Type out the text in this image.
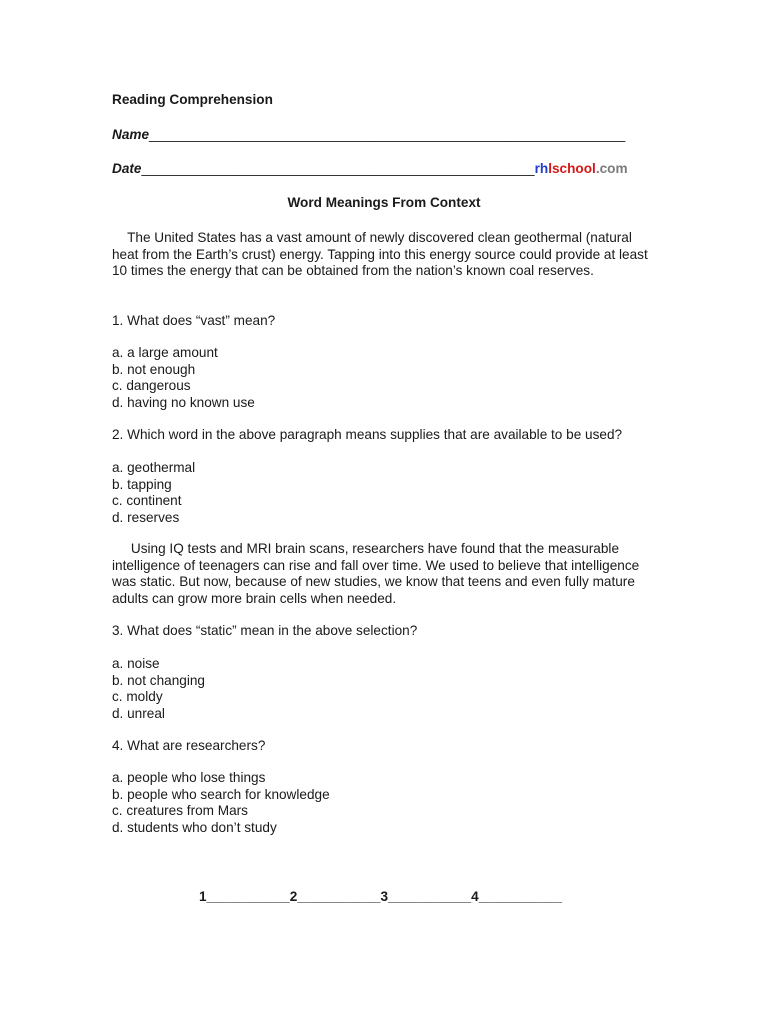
Reading Comprehension
Name_______________________________________________________________
Date____________________________________________________rhlschool.com
Word Meanings From Context
The United States has a vast amount of newly discovered clean geothermal (natural heat from the Earth’s crust) energy. Tapping into this energy source could provide at least 10 times the energy that can be obtained from the nation’s known coal reserves.
1. What does “vast” mean?
a. a large amount
b. not enough
c. dangerous
d. having no known use
2. Which word in the above paragraph means supplies that are available to be used?
a. geothermal
b. tapping
c. continent
d. reserves
Using IQ tests and MRI brain scans, researchers have found that the measurable intelligence of teenagers can rise and fall over time. We used to believe that intelligence was static. But now, because of new studies, we know that teens and even fully mature adults can grow more brain cells when needed.
3. What does “static” mean in the above selection?
a. noise
b. not changing
c. moldy
d. unreal
4. What are researchers?
a. people who lose things
b. people who search for knowledge
c. creatures from Mars
d. students who don’t study
1___________2___________3___________4___________
